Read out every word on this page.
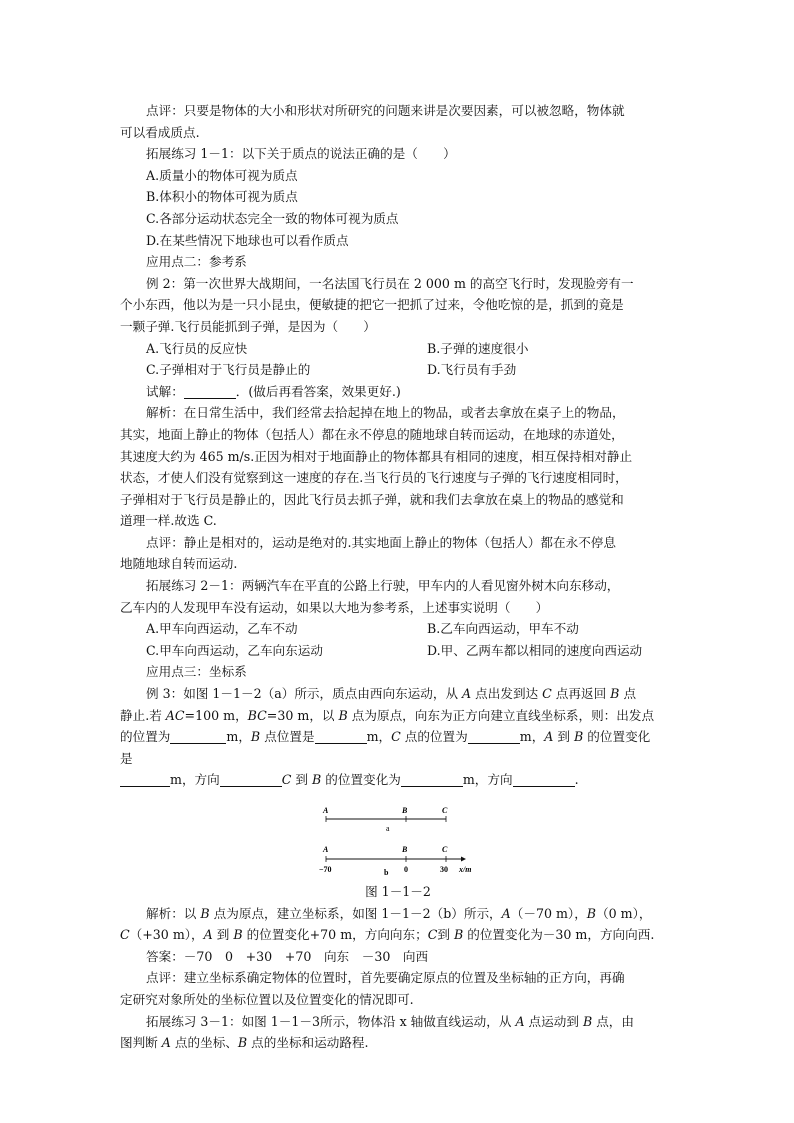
点评：只要是物体的大小和形状对所研究的问题来讲是次要因素，可以被忽略，物体就
可以看成质点.
拓展练习 1－1：以下关于质点的说法正确的是（　　）
A.质量小的物体可视为质点
B.体积小的物体可视为质点
C.各部分运动状态完全一致的物体可视为质点
D.在某些情况下地球也可以看作质点
应用点二：参考系
例 2：第一次世界大战期间，一名法国飞行员在 2 000 m 的高空飞行时，发现脸旁有一
个小东西，他以为是一只小昆虫，便敏捷的把它一把抓了过来，令他吃惊的是，抓到的竟是
一颗子弹.飞行员能抓到子弹，是因为（　　）
A.飞行员的反应快	B.子弹的速度很小
C.子弹相对于飞行员是静止的	D.飞行员有手劲
试解：	．(做后再看答案，效果更好.)
解析：在日常生活中，我们经常去拾起掉在地上的物品，或者去拿放在桌子上的物品，
其实，地面上静止的物体（包括人）都在永不停息的随地球自转而运动，在地球的赤道处，
其速度大约为 465 m/s.正因为相对于地面静止的物体都具有相同的速度，相互保持相对静止
状态，才使人们没有觉察到这一速度的存在.当飞行员的飞行速度与子弹的飞行速度相同时，
子弹相对于飞行员是静止的，因此飞行员去抓子弹，就和我们去拿放在桌上的物品的感觉和
道理一样.故选 C.
点评：静止是相对的，运动是绝对的.其实地面上静止的物体（包括人）都在永不停息
地随地球自转而运动.
拓展练习 2－1：两辆汽车在平直的公路上行驶，甲车内的人看见窗外树木向东移动，
乙车内的人发现甲车没有运动，如果以大地为参考系，上述事实说明（　　）
A.甲车向西运动，乙车不动	B.乙车向西运动，甲车不动
C.甲车向西运动，乙车向东运动	D.甲、乙两车都以相同的速度向西运动
应用点三：坐标系
例 3：如图 1－1－2（a）所示，质点由西向东运动，从 A 点出发到达 C 点再返回 B 点
静止.若 AC=100 m，BC=30 m，以 B 点为原点，向东为正方向建立直线坐标系，则：出发点
的位置为	m，B 点位置是	m，C 点的位置为	m，A 到 B 的位置变化
是
m，方向	C 到 B 的位置变化为	m，方向	.
A	B	C
a
A	B	C
−70	0	30 x/m
b
图 1－1－2
解析：以 B 点为原点，建立坐标系，如图 1－1－2（b）所示，A（－70 m），B（0 m），
C（+30 m），A 到 B 的位置变化+70 m，方向向东；C到 B 的位置变化为－30 m，方向向西.
答案：－70　0　+30　+70　向东　－30　向西
点评：建立坐标系确定物体的位置时，首先要确定原点的位置及坐标轴的正方向，再确
定研究对象所处的坐标位置以及位置变化的情况即可.
拓展练习 3－1：如图 1－1－3所示，物体沿 x 轴做直线运动，从 A 点运动到 B 点，由
图判断 A 点的坐标、B 点的坐标和运动路程.
